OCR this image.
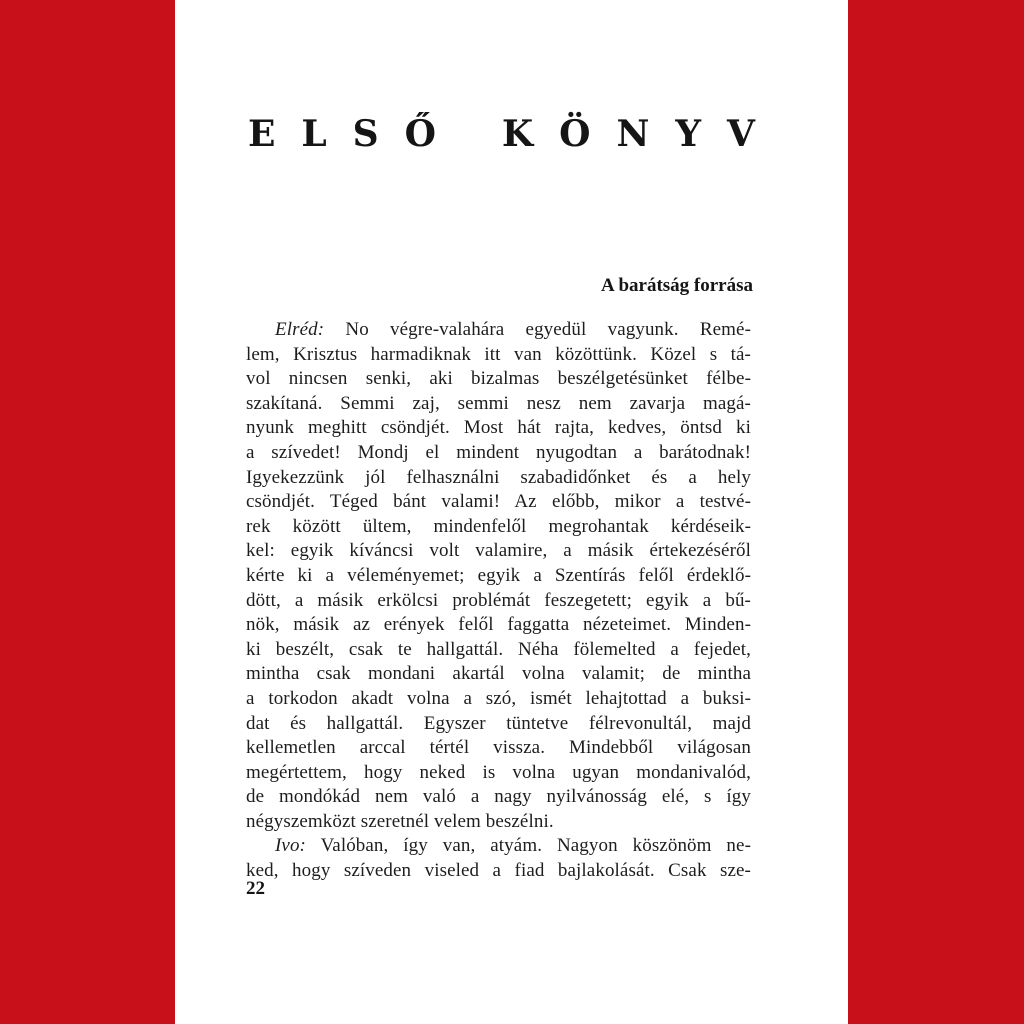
E L S Ő K Ö N Y V
A barátság forrása
Elréd: No végre-valahára egyedül vagyunk. Remé-
lem, Krisztus harmadiknak itt van közöttünk. Közel s tá-
vol nincsen senki, aki bizalmas beszélgetésünket félbe-
szakítaná. Semmi zaj, semmi nesz nem zavarja magá-
nyunk meghitt csöndjét. Most hát rajta, kedves, öntsd ki
a szívedet! Mondj el mindent nyugodtan a barátodnak!
Igyekezzünk jól felhasználni szabadidőnket és a hely
csöndjét. Téged bánt valami! Az előbb, mikor a testvé-
rek között ültem, mindenfelől megrohantak kérdéseik-
kel: egyik kíváncsi volt valamire, a másik értekezéséről
kérte ki a véleményemet; egyik a Szentírás felől érdeklő-
dött, a másik erkölcsi problémát feszegetett; egyik a bű-
nök, másik az erények felől faggatta nézeteimet. Minden-
ki beszélt, csak te hallgattál. Néha fölemelted a fejedet,
mintha csak mondani akartál volna valamit; de mintha
a torkodon akadt volna a szó, ismét lehajtottad a buksi-
dat és hallgattál. Egyszer tüntetve félrevonultál, majd
kellemetlen arccal tértél vissza. Mindebből világosan
megértettem, hogy neked is volna ugyan mondanivalód,
de mondókád nem való a nagy nyilvánosság elé, s így
négyszemközt szeretnél velem beszélni.
Ivo: Valóban, így van, atyám. Nagyon köszönöm ne-
ked, hogy szíveden viseled a fiad bajlakolását. Csak sze-
22
